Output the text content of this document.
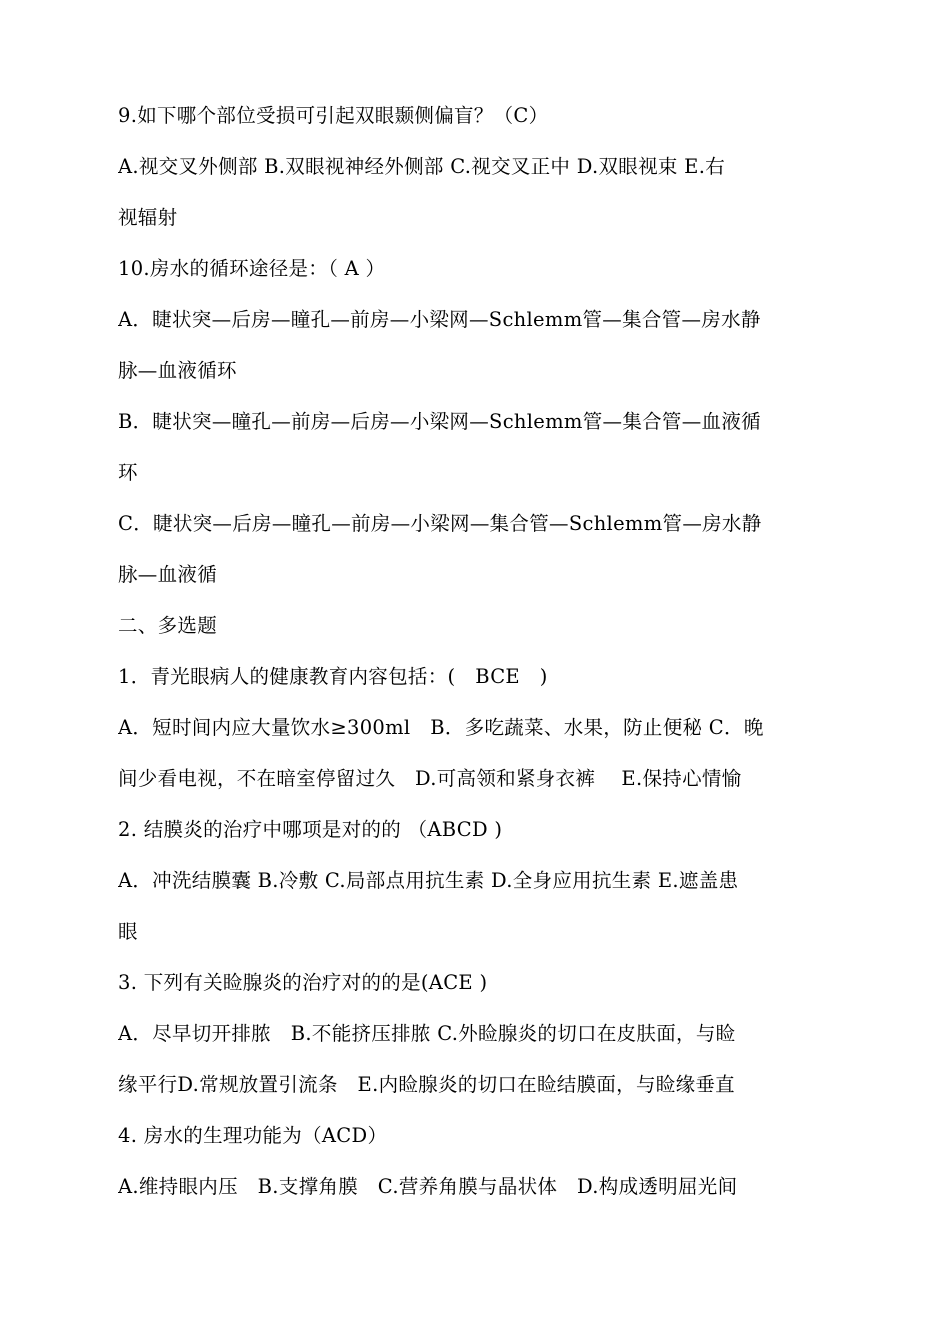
9.如下哪个部位受损可引起双眼颞侧偏盲？（C）
A.视交叉外侧部 B.双眼视神经外侧部 C.视交叉正中 D.双眼视束 E.右
视辐射
10.房水的循环途径是：（ A ）
A．睫状突—后房—瞳孔—前房—小梁网—Schlemm管—集合管—房水静
脉—血液循环
B．睫状突—瞳孔—前房—后房—小梁网—Schlemm管—集合管—血液循
环
C．睫状突—后房—瞳孔—前房—小梁网—集合管—Schlemm管—房水静
脉—血液循
二、多选题
1．青光眼病人的健康教育内容包括：(　BCE　)
A．短时间内应大量饮水≥300ml　B．多吃蔬菜、水果，防止便秘 C．晚
间少看电视，不在暗室停留过久　D.可高领和紧身衣裤　 E.保持心情愉
2. 结膜炎的治疗中哪项是对的的 （ABCD )
A．冲洗结膜囊 B.冷敷 C.局部点用抗生素 D.全身应用抗生素 E.遮盖患
眼
3. 下列有关睑腺炎的治疗对的的是(ACE )
A．尽早切开排脓　B.不能挤压排脓 C.外睑腺炎的切口在皮肤面，与睑
缘平行D.常规放置引流条　E.内睑腺炎的切口在睑结膜面，与睑缘垂直
4. 房水的生理功能为（ACD）
A.维持眼内压　B.支撑角膜　C.营养角膜与晶状体　D.构成透明屈光间
